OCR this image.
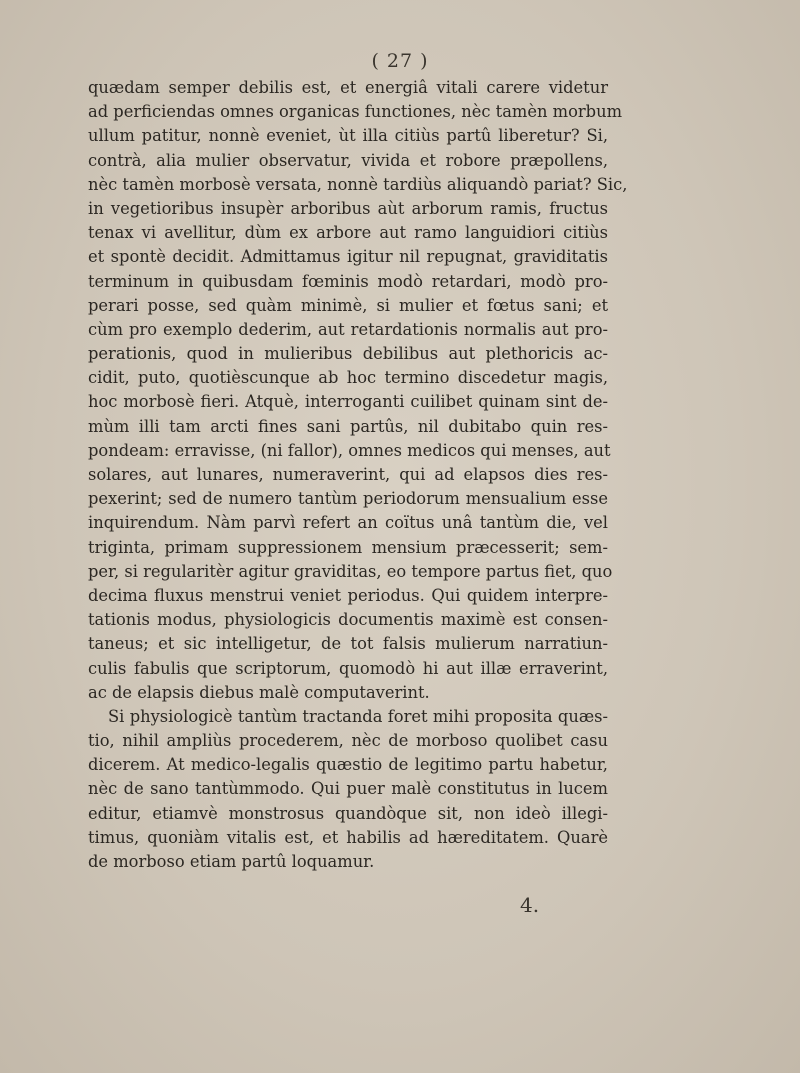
( 27 )
quædam semper debilis est, et energiâ vitali carere videtur
ad perficiendas omnes organicas functiones, nèc tamèn morbum
ullum patitur, nonnè eveniet, ùt illa citiùs partû liberetur? Si,
contrà, alia mulier observatur, vivida et robore præpollens,
nèc tamèn morbosè versata, nonnè tardiùs aliquandò pariat? Sic,
in vegetioribus insupèr arboribus aùt arborum ramis, fructus
tenax vi avellitur, dùm ex arbore aut ramo languidiori citiùs
et spontè decidit. Admittamus igitur nil repugnat, graviditatis
terminum in quibusdam fœminis modò retardari, modò pro-
perari posse, sed quàm minimè, si mulier et fœtus sani; et
cùm pro exemplo dederim, aut retardationis normalis aut pro-
perationis, quod in mulieribus debilibus aut plethoricis ac-
cidit, puto, quotièscunque ab hoc termino discedetur magis,
hoc morbosè fieri. Atquè, interroganti cuilibet quinam sint de-
mùm illi tam arcti fines sani partûs, nil dubitabo quin res-
pondeam: erravisse, (ni fallor), omnes medicos qui menses, aut
solares, aut lunares, numeraverint, qui ad elapsos dies res-
pexerint; sed de numero tantùm periodorum mensualium esse
inquirendum. Nàm parvì refert an coïtus unâ tantùm die, vel
triginta, primam suppressionem mensium præcesserit; sem-
per, si regularitèr agitur graviditas, eo tempore partus fiet, quo
decima fluxus menstrui veniet periodus. Qui quidem interpre-
tationis modus, physiologicis documentis maximè est consen-
taneus; et sic intelligetur, de tot falsis mulierum narratiun-
culis fabulis que scriptorum, quomodò hi aut illæ erraverint,
ac de elapsis diebus malè computaverint.
Si physiologicè tantùm tractanda foret mihi proposita quæs-
tio, nihil ampliùs procederem, nèc de morboso quolibet casu
dicerem. At medico-legalis quæstio de legitimo partu habetur,
nèc de sano tantùmmodo. Qui puer malè constitutus in lucem
editur, etiamvè monstrosus quandòque sit, non ideò illegi-
timus, quoniàm vitalis est, et habilis ad hæreditatem. Quarè
de morboso etiam partû loquamur.
4.
